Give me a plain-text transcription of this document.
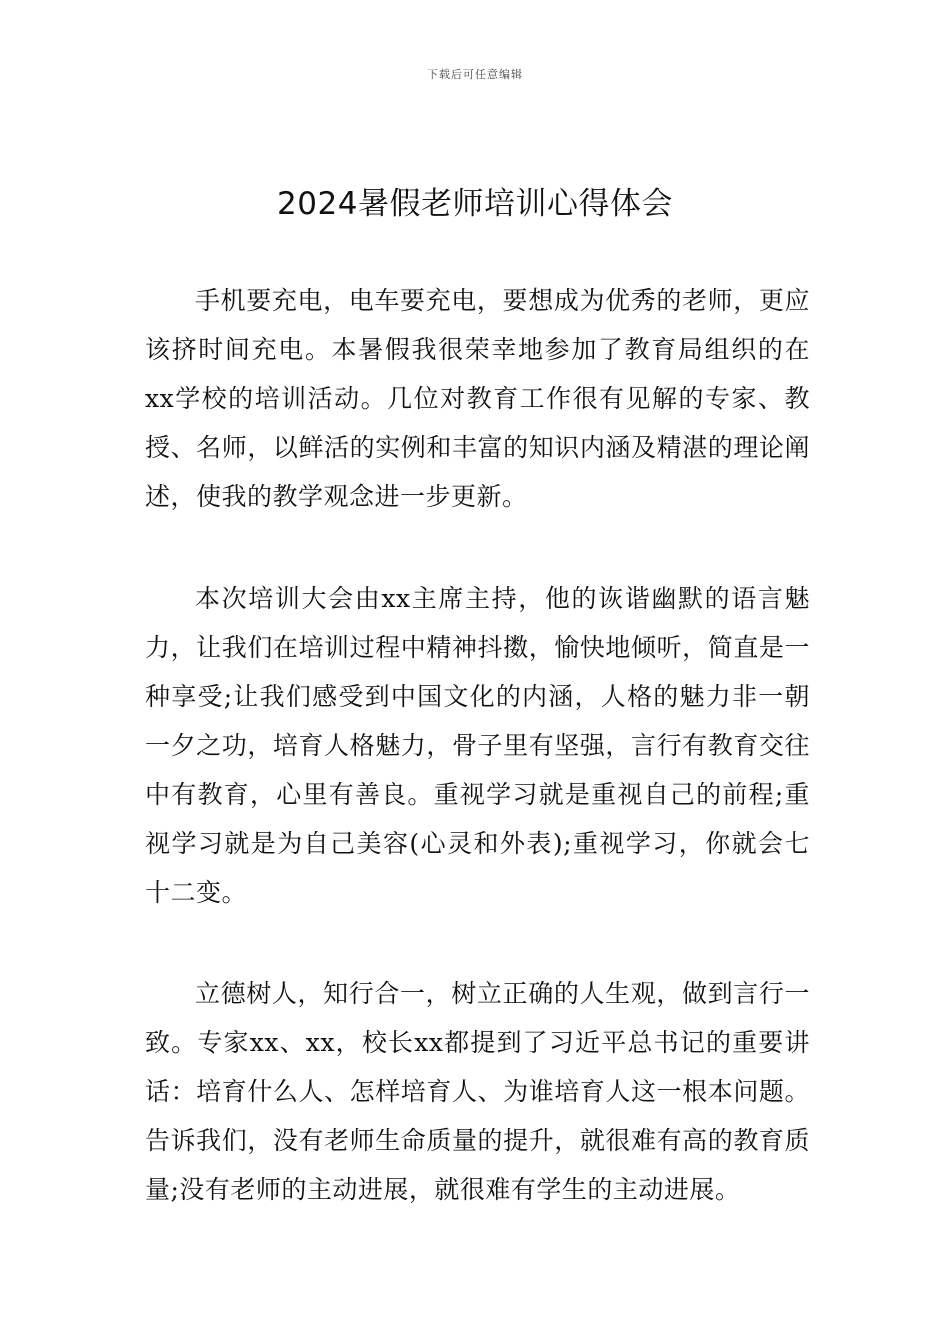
下载后可任意编辑
2024暑假老师培训心得体会

手机要充电，电车要充电，要想成为优秀的老师，更应该挤时间充电。本暑假我很荣幸地参加了教育局组织的在xx学校的培训活动。几位对教育工作很有见解的专家、教授、名师，以鲜活的实例和丰富的知识内涵及精湛的理论阐述，使我的教学观念进一步更新。

本次培训大会由xx主席主持，他的诙谐幽默的语言魅力，让我们在培训过程中精神抖擞，愉快地倾听，简直是一种享受;让我们感受到中国文化的内涵，人格的魅力非一朝一夕之功，培育人格魅力，骨子里有坚强，言行有教育交往中有教育，心里有善良。重视学习就是重视自己的前程;重视学习就是为自己美容(心灵和外表);重视学习，你就会七十二变。

立德树人，知行合一，树立正确的人生观，做到言行一致。专家xx、xx，校长xx都提到了习近平总书记的重要讲话：培育什么人、怎样培育人、为谁培育人这一根本问题。告诉我们，没有老师生命质量的提升，就很难有高的教育质量;没有老师的主动进展，就很难有学生的主动进展。
